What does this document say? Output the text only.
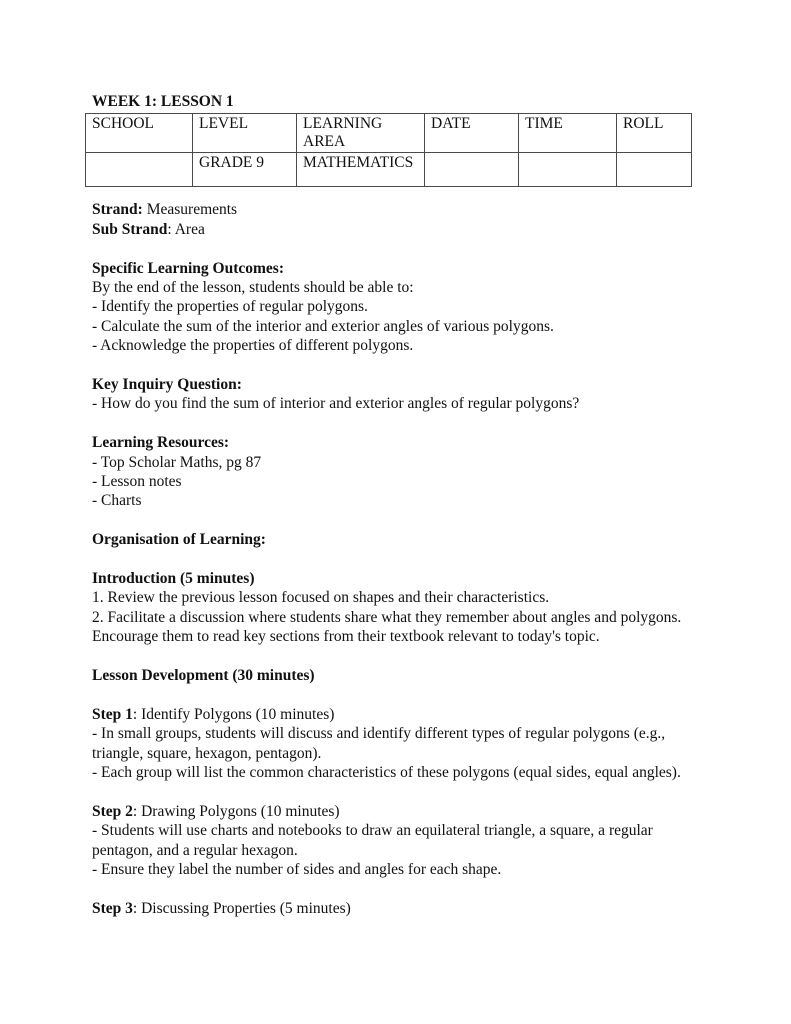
WEEK 1: LESSON 1
SCHOOL	LEVEL	LEARNING AREA	DATE	TIME	ROLL
	GRADE 9	MATHEMATICS			
Strand: Measurements
Sub Strand: Area
Specific Learning Outcomes:
By the end of the lesson, students should be able to:
- Identify the properties of regular polygons.
- Calculate the sum of the interior and exterior angles of various polygons.
- Acknowledge the properties of different polygons.
Key Inquiry Question:
- How do you find the sum of interior and exterior angles of regular polygons?
Learning Resources:
- Top Scholar Maths, pg 87
- Lesson notes
- Charts
Organisation of Learning:
Introduction (5 minutes)
1. Review the previous lesson focused on shapes and their characteristics.
2. Facilitate a discussion where students share what they remember about angles and polygons. Encourage them to read key sections from their textbook relevant to today's topic.
Lesson Development (30 minutes)
Step 1: Identify Polygons (10 minutes)
- In small groups, students will discuss and identify different types of regular polygons (e.g., triangle, square, hexagon, pentagon).
- Each group will list the common characteristics of these polygons (equal sides, equal angles).
Step 2: Drawing Polygons (10 minutes)
- Students will use charts and notebooks to draw an equilateral triangle, a square, a regular pentagon, and a regular hexagon.
- Ensure they label the number of sides and angles for each shape.
Step 3: Discussing Properties (5 minutes)
